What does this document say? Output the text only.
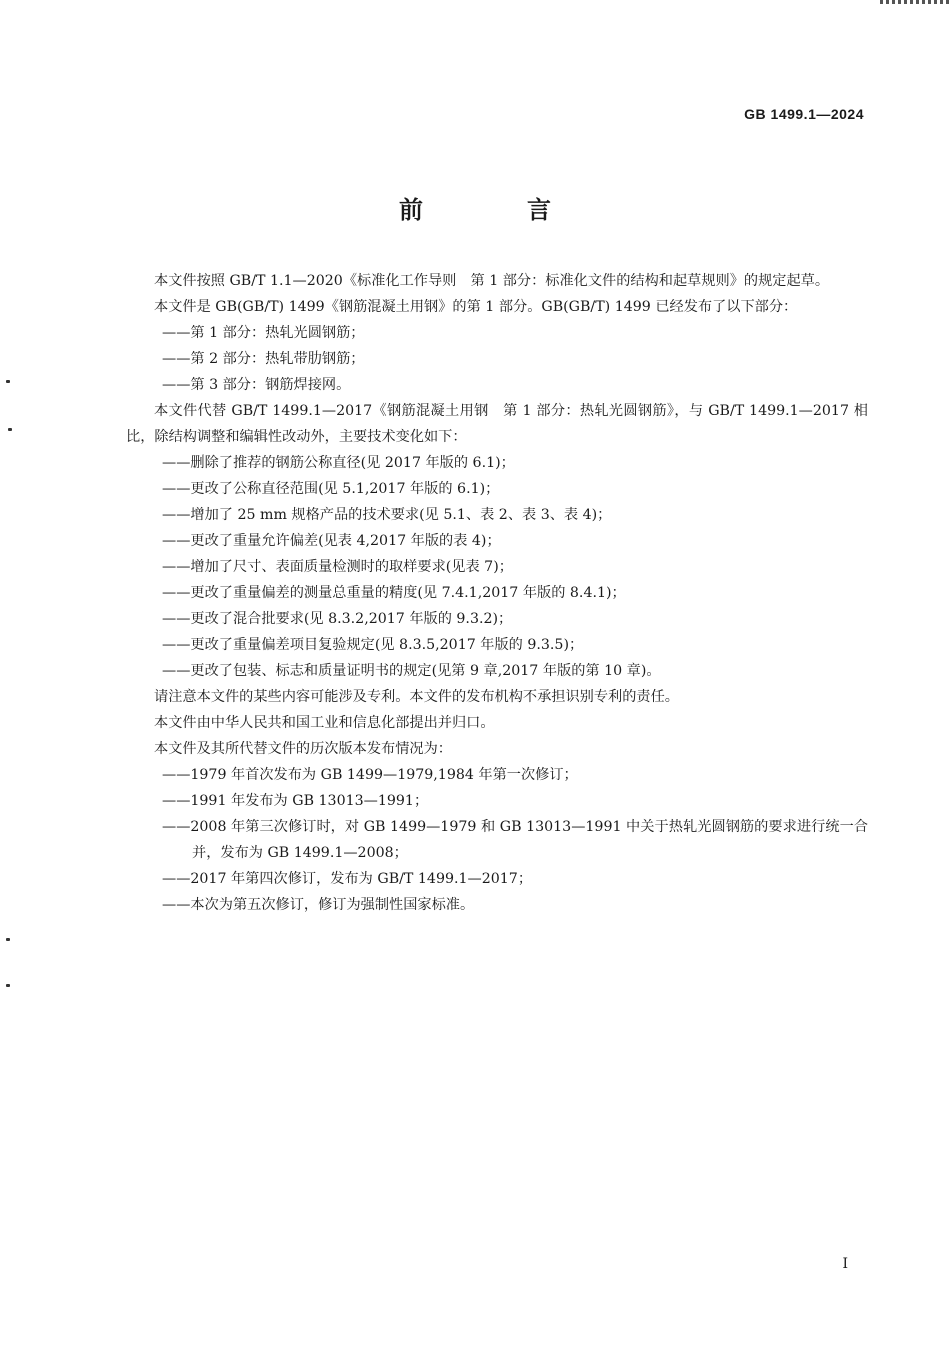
GB 1499.1—2024
前　言

本文件按照 GB/T 1.1—2020《标准化工作导则　第 1 部分：标准化文件的结构和起草规则》的规定起草。

本文件是 GB(GB/T) 1499《钢筋混凝土用钢》的第 1 部分。GB(GB/T) 1499 已经发布了以下部分：

——第 1 部分：热轧光圆钢筋；

——第 2 部分：热轧带肋钢筋；

——第 3 部分：钢筋焊接网。

本文件代替 GB/T 1499.1—2017《钢筋混凝土用钢　第 1 部分：热轧光圆钢筋》，与 GB/T 1499.1—2017 相比，除结构调整和编辑性改动外，主要技术变化如下：

——删除了推荐的钢筋公称直径(见 2017 年版的 6.1)；

——更改了公称直径范围(见 5.1,2017 年版的 6.1)；

——增加了 25 mm 规格产品的技术要求(见 5.1、表 2、表 3、表 4)；

——更改了重量允许偏差(见表 4,2017 年版的表 4)；

——增加了尺寸、表面质量检测时的取样要求(见表 7)；

——更改了重量偏差的测量总重量的精度(见 7.4.1,2017 年版的 8.4.1)；

——更改了混合批要求(见 8.3.2,2017 年版的 9.3.2)；

——更改了重量偏差项目复验规定(见 8.3.5,2017 年版的 9.3.5)；

——更改了包装、标志和质量证明书的规定(见第 9 章,2017 年版的第 10 章)。

请注意本文件的某些内容可能涉及专利。本文件的发布机构不承担识别专利的责任。

本文件由中华人民共和国工业和信息化部提出并归口。

本文件及其所代替文件的历次版本发布情况为：

——1979 年首次发布为 GB 1499—1979,1984 年第一次修订；

——1991 年发布为 GB 13013—1991；

——2008 年第三次修订时，对 GB 1499—1979 和 GB 13013—1991 中关于热轧光圆钢筋的要求进行统一合并，发布为 GB 1499.1—2008；

——2017 年第四次修订，发布为 GB/T 1499.1—2017；

——本次为第五次修订，修订为强制性国家标准。

I
